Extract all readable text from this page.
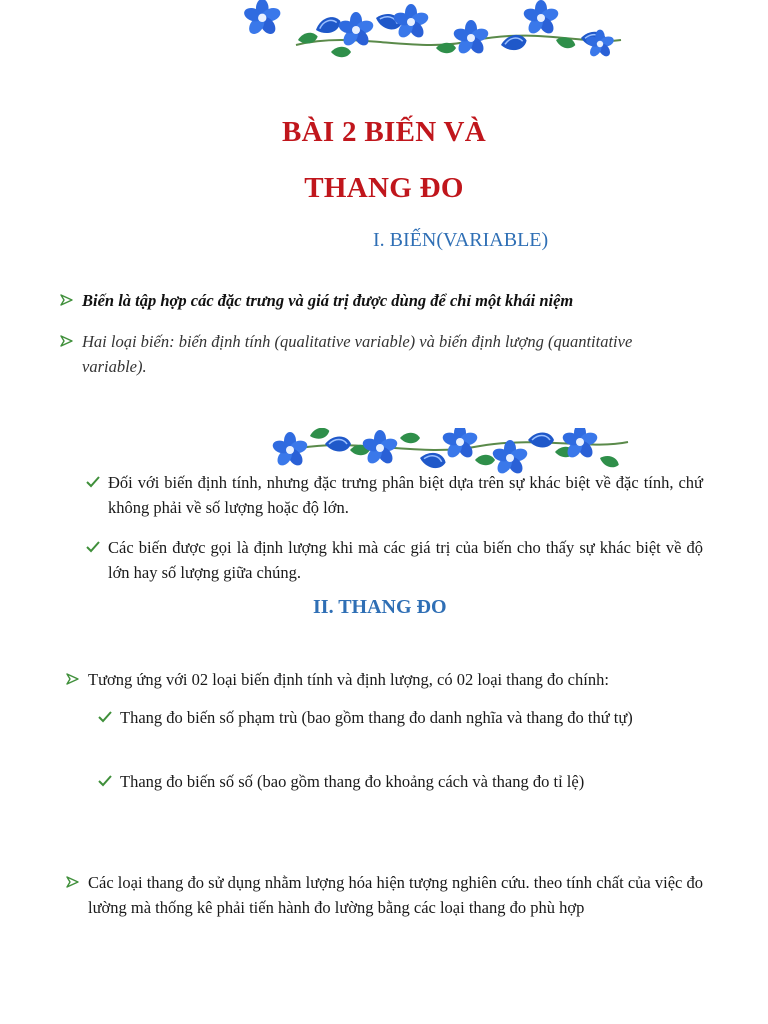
BÀI 2 BIẾN VÀ
THANG ĐO
I. BIẾN(VARIABLE)
Biến là tập hợp các đặc trưng và giá trị được dùng để chỉ một khái niệm
Hai loại biến: biến định tính (qualitative variable) và biến định lượng (quantitative variable).
Đối với biến định tính, nhưng đặc trưng phân biệt dựa trên sự khác biệt về đặc tính, chứ không phải về số lượng hoặc độ lớn.
Các biến được gọi là định lượng khi mà các giá trị của biến cho thấy sự khác biệt về độ lớn hay số lượng giữa chúng.
II. THANG ĐO
Tương ứng với 02 loại biến định tính và định lượng, có 02 loại thang đo chính:
Thang đo biến số phạm trù (bao gồm thang đo danh nghĩa và thang đo thứ tự)
Thang đo biến số số (bao gồm thang đo khoảng cách và thang đo tỉ lệ)
Các loại thang đo sử dụng nhằm lượng hóa hiện tượng nghiên cứu. theo tính chất của việc đo lường mà thống kê phải tiến hành đo lường bằng các loại thang đo phù hợp
